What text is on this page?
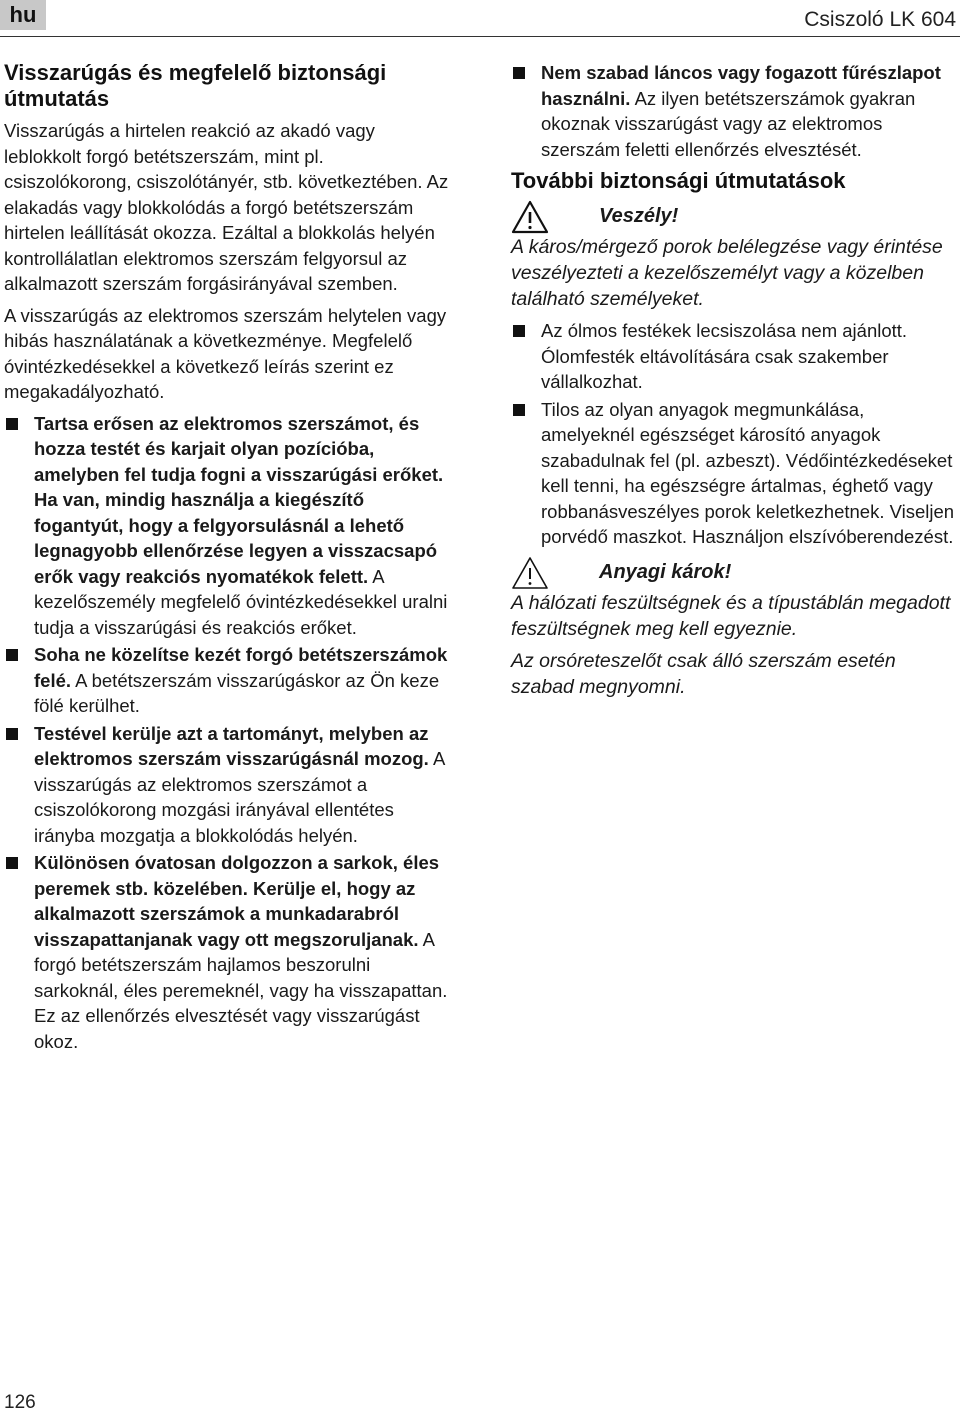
hu	Csiszoló LK 604
Visszarúgás és megfelelő biztonsági útmutatás

Visszarúgás a hirtelen reakció az akadó vagy leblokkolt forgó betétszerszám, mint pl. csiszolókorong, csiszolótányér, stb. következtében. Az elakadás vagy blokkolódás a forgó betétszerszám hirtelen leállítását okozza. Ezáltal a blokkolás helyén kontrollálatlan elektromos szerszám felgyorsul az alkalmazott szerszám forgásirányával szemben.

A visszarúgás az elektromos szerszám helytelen vagy hibás használatának a következménye. Megfelelő óvintézkedésekkel a következő leírás szerint ez megakadályozható.

Tartsa erősen az elektromos szerszámot, és hozza testét és karjait olyan pozícióba, amelyben fel tudja fogni a visszarúgási erőket. Ha van, mindig használja a kiegészítő fogantyút, hogy a felgyorsulásnál a lehető legnagyobb ellenőrzése legyen a visszacsapó erők vagy reakciós nyomatékok felett. A kezelőszemély megfelelő óvintézkedésekkel uralni tudja a visszarúgási és reakciós erőket.
Soha ne közelítse kezét forgó betétszerszámok felé. A betétszerszám visszarúgáskor az Ön keze fölé kerülhet.
Testével kerülje azt a tartományt, melyben az elektromos szerszám visszarúgásnál mozog. A visszarúgás az elektromos szerszámot a csiszolókorong mozgási irányával ellentétes irányba mozgatja a blokkolódás helyén.
Különösen óvatosan dolgozzon a sarkok, éles peremek stb. közelében. Kerülje el, hogy az alkalmazott szerszámok a munkadarabról visszapattanjanak vagy ott megszoruljanak. A forgó betétszerszám hajlamos beszorulni sarkoknál, éles peremeknél, vagy ha visszapattan. Ez az ellenőrzés elvesztését vagy visszarúgást okoz.
Nem szabad láncos vagy fogazott fűrészlapot használni. Az ilyen betétszerszámok gyakran okoznak visszarúgást vagy az elektromos szerszám feletti ellenőrzés elvesztését.
További biztonsági útmutatások
Veszély!

A káros/mérgező porok belélegzése vagy érintése veszélyezteti a kezelőszemélyt vagy a közelben található személyeket.

Az ólmos festékek lecsiszolása nem ajánlott. Ólomfesték eltávolítására csak szakember vállalkozhat.
Tilos az olyan anyagok megmunkálása, amelyeknél egészséget károsító anyagok szabadulnak fel (pl. azbeszt). Védőintézkedéseket kell tenni, ha egészségre ártalmas, éghető vagy robbanásveszélyes porok keletkezhetnek. Viseljen porvédő maszkot. Használjon elszívóberendezést.
Anyagi károk!

A hálózati feszültségnek és a típustáblán megadott feszültségnek meg kell egyeznie.

Az orsóreteszelőt csak álló szerszám esetén szabad megnyomni.

126
